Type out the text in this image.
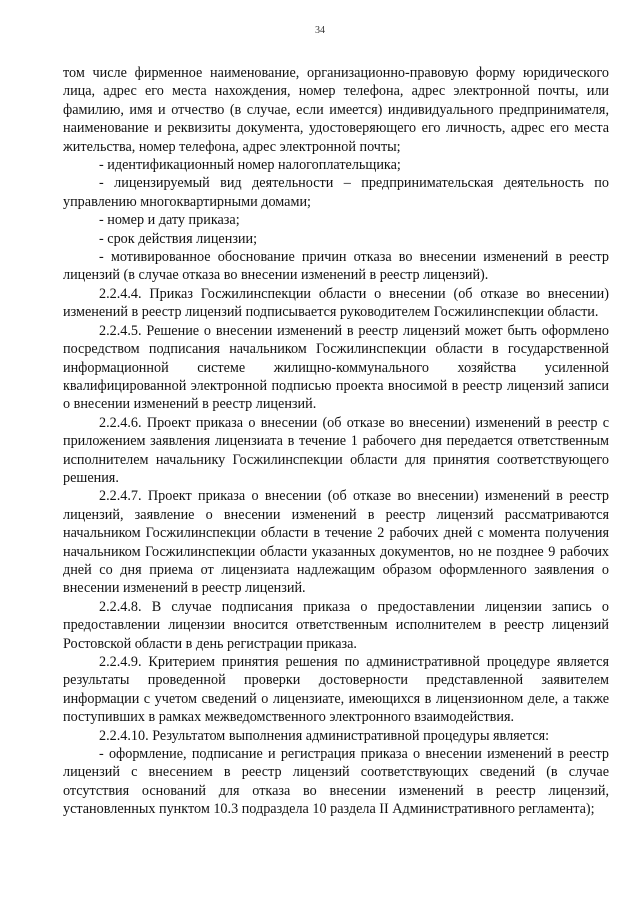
34

том числе фирменное наименование, организационно-правовую форму юридического лица, адрес его места нахождения, номер телефона, адрес электронной почты, или фамилию, имя и отчество (в случае, если имеется) индивидуального предпринимателя, наименование и реквизиты документа, удостоверяющего его личность, адрес его места жительства, номер телефона, адрес электронной почты;

- идентификационный номер налогоплательщика;

- лицензируемый вид деятельности – предпринимательская деятельность по управлению многоквартирными домами;

- номер и дату приказа;

- срок действия лицензии;

- мотивированное обоснование причин отказа во внесении изменений в реестр лицензий (в случае отказа во внесении изменений в реестр лицензий).

2.2.4.4. Приказ Госжилинспекции области о внесении (об отказе во внесении) изменений в реестр лицензий подписывается руководителем Госжилинспекции области.

2.2.4.5. Решение о внесении изменений в реестр лицензий может быть оформлено посредством подписания начальником Госжилинспекции области в государственной информационной системе жилищно-коммунального хозяйства усиленной квалифицированной электронной подписью проекта вносимой в реестр лицензий записи о внесении изменений в реестр лицензий.

2.2.4.6. Проект приказа о внесении (об отказе во внесении) изменений в реестр с приложением заявления лицензиата в течение 1 рабочего дня передается ответственным исполнителем начальнику Госжилинспекции области для принятия соответствующего решения.

2.2.4.7. Проект приказа о внесении (об отказе во внесении) изменений в реестр лицензий, заявление о внесении изменений в реестр лицензий рассматриваются начальником Госжилинспекции области в течение 2 рабочих дней с момента получения начальником Госжилинспекции области указанных документов, но не позднее 9 рабочих дней со дня приема от лицензиата надлежащим образом оформленного заявления о внесении изменений в реестр лицензий.

2.2.4.8. В случае подписания приказа о предоставлении лицензии запись о предоставлении лицензии вносится ответственным исполнителем в реестр лицензий Ростовской области в день регистрации приказа.

2.2.4.9. Критерием принятия решения по административной процедуре является результаты проведенной проверки достоверности представленной заявителем информации с учетом сведений о лицензиате, имеющихся в лицензионном деле, а также поступивших в рамках межведомственного электронного взаимодействия.

2.2.4.10. Результатом выполнения административной процедуры является:

- оформление, подписание и регистрация приказа о внесении изменений в реестр лицензий с внесением в реестр лицензий соответствующих сведений (в случае отсутствия оснований для отказа во внесении изменений в реестр лицензий, установленных пунктом 10.3 подраздела 10 раздела II Административного регламента);
